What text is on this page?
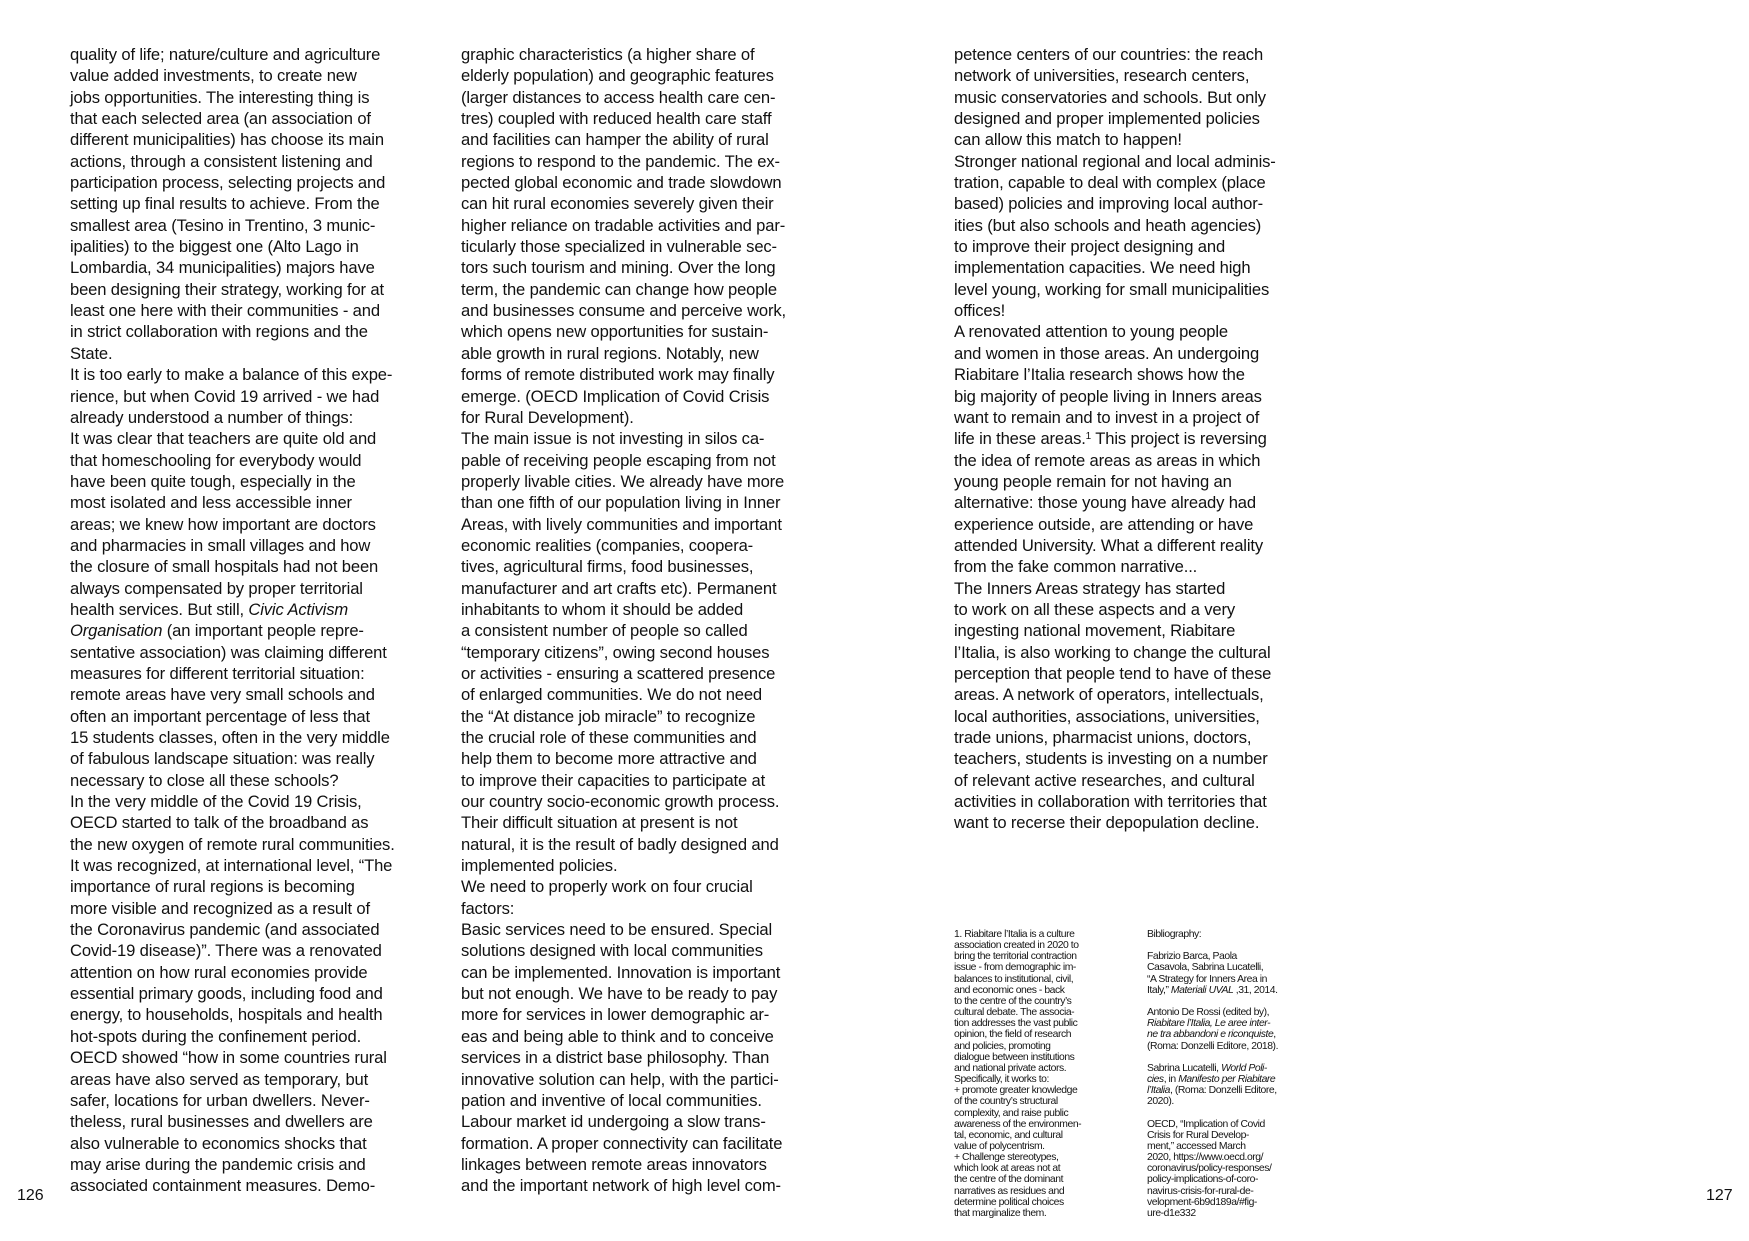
quality of life; nature/culture and agriculture
value added investments, to create new
jobs opportunities. The interesting thing is
that each selected area (an association of
different municipalities) has choose its main
actions, through a consistent listening and
participation process, selecting projects and
setting up final results to achieve. From the
smallest area (Tesino in Trentino, 3 munic-
ipalities) to the biggest one (Alto Lago in
Lombardia, 34 municipalities) majors have
been designing their strategy, working for at
least one here with their communities - and
in strict collaboration with regions and the
State.
It is too early to make a balance of this expe-
rience, but when Covid 19 arrived - we had
already understood a number of things:
It was clear that teachers are quite old and
that homeschooling for everybody would
have been quite tough, especially in the
most isolated and less accessible inner
areas; we knew how important are doctors
and pharmacies in small villages and how
the closure of small hospitals had not been
always compensated by proper territorial
health services. But still, Civic Activism
Organisation (an important people repre-
sentative association) was claiming different
measures for different territorial situation:
remote areas have very small schools and
often an important percentage of less that
15 students classes, often in the very middle
of fabulous landscape situation: was really
necessary to close all these schools?
In the very middle of the Covid 19 Crisis,
OECD started to talk of the broadband as
the new oxygen of remote rural communities.
It was recognized, at international level, “The
importance of rural regions is becoming
more visible and recognized as a result of
the Coronavirus pandemic (and associated
Covid-19 disease)”. There was a renovated
attention on how rural economies provide
essential primary goods, including food and
energy, to households, hospitals and health
hot-spots during the confinement period.
OECD showed “how in some countries rural
areas have also served as temporary, but
safer, locations for urban dwellers. Never-
theless, rural businesses and dwellers are
also vulnerable to economics shocks that
may arise during the pandemic crisis and
associated containment measures. Demo-
graphic characteristics (a higher share of
elderly population) and geographic features
(larger distances to access health care cen-
tres) coupled with reduced health care staff
and facilities can hamper the ability of rural
regions to respond to the pandemic. The ex-
pected global economic and trade slowdown
can hit rural economies severely given their
higher reliance on tradable activities and par-
ticularly those specialized in vulnerable sec-
tors such tourism and mining. Over the long
term, the pandemic can change how people
and businesses consume and perceive work,
which opens new opportunities for sustain-
able growth in rural regions. Notably, new
forms of remote distributed work may finally
emerge. (OECD Implication of Covid Crisis
for Rural Development).
The main issue is not investing in silos ca-
pable of receiving people escaping from not
properly livable cities. We already have more
than one fifth of our population living in Inner
Areas, with lively communities and important
economic realities (companies, coopera-
tives, agricultural firms, food businesses,
manufacturer and art crafts etc). Permanent
inhabitants to whom it should be added
a consistent number of people so called
“temporary citizens”, owing second houses
or activities - ensuring a scattered presence
of enlarged communities. We do not need
the “At distance job miracle” to recognize
the crucial role of these communities and
help them to become more attractive and
to improve their capacities to participate at
our country socio-economic growth process.
Their difficult situation at present is not
natural, it is the result of badly designed and
implemented policies.
We need to properly work on four crucial
factors:
Basic services need to be ensured. Special
solutions designed with local communities
can be implemented. Innovation is important
but not enough. We have to be ready to pay
more for services in lower demographic ar-
eas and being able to think and to conceive
services in a district base philosophy. Than
innovative solution can help, with the partici-
pation and inventive of local communities.
Labour market id undergoing a slow trans-
formation. A proper connectivity can facilitate
linkages between remote areas innovators
and the important network of high level com-
petence centers of our countries: the reach
network of universities, research centers,
music conservatories and schools. But only
designed and proper implemented policies
can allow this match to happen!
Stronger national regional and local adminis-
tration, capable to deal with complex (place
based) policies and improving local author-
ities (but also schools and heath agencies)
to improve their project designing and
implementation capacities. We need high
level young, working for small municipalities
offices!
A renovated attention to young people
and women in those areas. An undergoing
Riabitare l’Italia research shows how the
big majority of people living in Inners areas
want to remain and to invest in a project of
life in these areas.$^1$ This project is reversing
the idea of remote areas as areas in which
young people remain for not having an
alternative: those young have already had
experience outside, are attending or have
attended University. What a different reality
from the fake common narrative...
The Inners Areas strategy has started
to work on all these aspects and a very
ingesting national movement, Riabitare
l’Italia, is also working to change the cultural
perception that people tend to have of these
areas. A network of operators, intellectuals,
local authorities, associations, universities,
trade unions, pharmacist unions, doctors,
teachers, students is investing on a number
of relevant active researches, and cultural
activities in collaboration with territories that
want to recerse their depopulation decline.
1. Riabitare l’Italia is a culture
association created in 2020 to
bring the territorial contraction
issue - from demographic im-
balances to institutional, civil,
and economic ones - back
to the centre of the country’s
cultural debate. The associa-
tion addresses the vast public
opinion, the field of research
and policies, promoting
dialogue between institutions
and national private actors.
Specifically, it works to:
+ promote greater knowledge
of the country’s structural
complexity, and raise public
awareness of the environmen-
tal, economic, and cultural
value of polycentrism.
+ Challenge stereotypes,
which look at areas not at
the centre of the dominant
narratives as residues and
determine political choices
that marginalize them.
Bibliography:
Fabrizio Barca, Paola
Casavola, Sabrina Lucatelli,
“A Strategy for Inners Area in
Italy,” Materiali UVAL ,31, 2014.
Antonio De Rossi (edited by),
Riabitare l’Italia, Le aree inter-
ne tra abbandoni e riconquiste,
(Roma: Donzelli Editore, 2018).
Sabrina Lucatelli, World Poli-
cies, in Manifesto per Riabitare
l’Italia, (Roma: Donzelli Editore,
2020).
OECD, “Implication of Covid
Crisis for Rural Develop-
ment,” accessed March
2020, https://www.oecd.org/
coronavirus/policy-responses/
policy-implications-of-coro-
navirus-crisis-for-rural-de-
velopment-6b9d189a/#fig-
ure-d1e332
126	127
